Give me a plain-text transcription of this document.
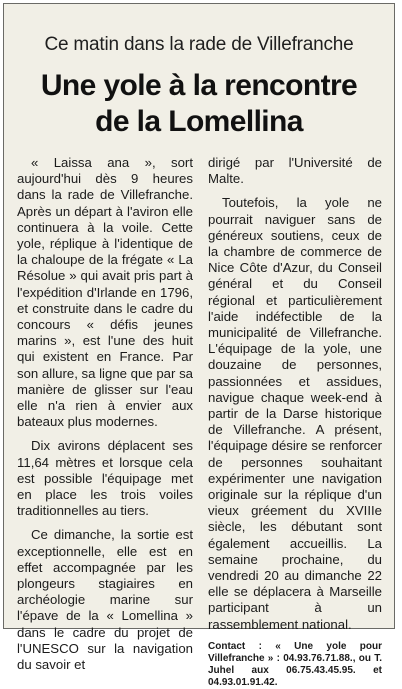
Ce matin dans la rade de Villefranche
Une yole à la rencontre
de la Lomellina

« Laissa ana », sort aujourd'hui dès 9 heures dans la rade de Villefranche. Après un départ à l'aviron elle continuera à la voile. Cette yole, réplique à l'identique de la chaloupe de la frégate « La Résolue » qui avait pris part à l'expédition d'Irlande en 1796, et construite dans le cadre du concours « défis jeunes marins », est l'une des huit qui existent en France. Par son allure, sa ligne que par sa manière de glisser sur l'eau elle n'a rien à envier aux bateaux plus modernes.

Dix avirons déplacent ses 11,64 mètres et lorsque cela est possible l'équipage met en place les trois voiles traditionnelles au tiers.

Ce dimanche, la sortie est exceptionnelle, elle est en effet accompagnée par les plongeurs stagiaires en archéologie marine sur l'épave de la « Lomellina » dans le cadre du projet de l'UNESCO sur la navigation du savoir et

dirigé par l'Université de Malte.

Toutefois, la yole ne pourrait naviguer sans de généreux soutiens, ceux de la chambre de commerce de Nice Côte d'Azur, du Conseil général et du Conseil régional et particulièrement l'aide indéfectible de la municipalité de Villefranche. L'équipage de la yole, une douzaine de personnes, passionnées et assidues, navigue chaque week-end à partir de la Darse historique de Villefranche. A présent, l'équipage désire se renforcer de personnes souhaitant expérimenter une navigation originale sur la réplique d'un vieux gréement du XVIIIe siècle, les débutant sont également accueillis. La semaine prochaine, du vendredi 20 au dimanche 22 elle se déplacera à Marseille participant à un rassemblement national.

Contact : « Une yole pour Villefranche » : 04.93.76.71.88., ou T. Juhel aux 06.75.43.45.95. et 04.93.01.91.42.
